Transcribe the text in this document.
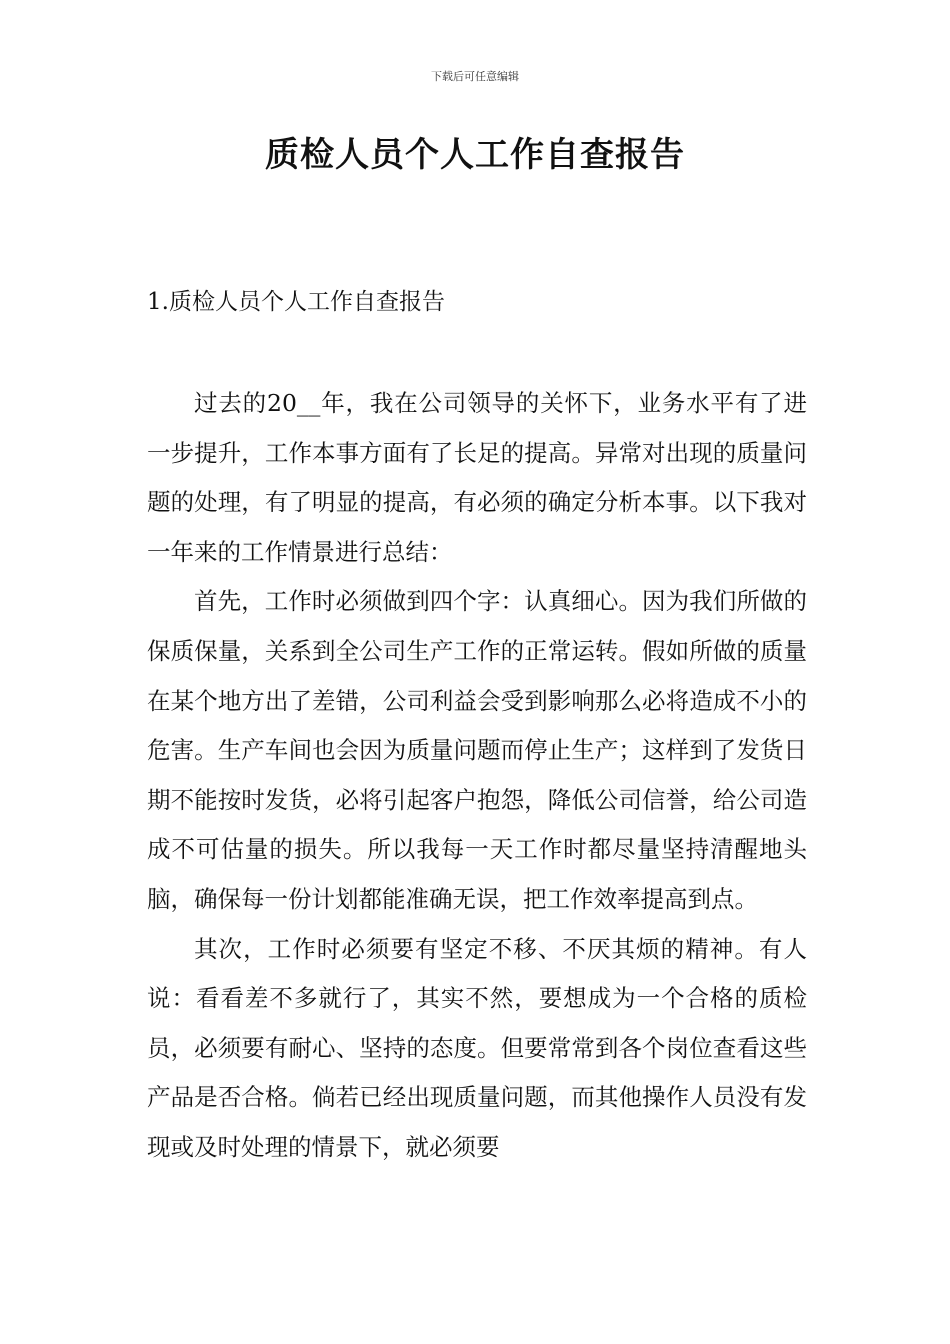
下载后可任意编辑
质检人员个人工作自查报告
1.质检人员个人工作自查报告

过去的20__年，我在公司领导的关怀下，业务水平有了进一步提升，工作本事方面有了长足的提高。异常对出现的质量问题的处理，有了明显的提高，有必须的确定分析本事。以下我对一年来的工作情景进行总结：

首先，工作时必须做到四个字：认真细心。因为我们所做的保质保量，关系到全公司生产工作的正常运转。假如所做的质量在某个地方出了差错，公司利益会受到影响那么必将造成不小的危害。生产车间也会因为质量问题而停止生产；这样到了发货日期不能按时发货，必将引起客户抱怨，降低公司信誉，给公司造成不可估量的损失。所以我每一天工作时都尽量坚持清醒地头脑，确保每一份计划都能准确无误，把工作效率提高到点。

其次，工作时必须要有坚定不移、不厌其烦的精神。有人说：看看差不多就行了，其实不然，要想成为一个合格的质检员，必须要有耐心、坚持的态度。但要常常到各个岗位查看这些产品是否合格。倘若已经出现质量问题，而其他操作人员没有发现或及时处理的情景下，就必须要
